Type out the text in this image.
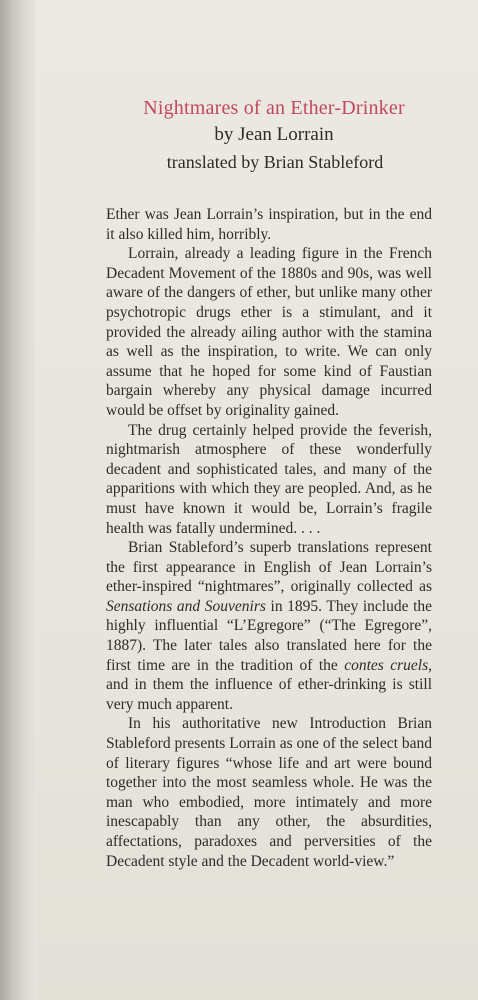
Nightmares of an Ether-Drinker
by Jean Lorrain
translated by Brian Stableford

Ether was Jean Lorrain’s inspiration, but in the end it also killed him, horribly.

Lorrain, already a leading figure in the French Decadent Movement of the 1880s and 90s, was well aware of the dangers of ether, but unlike many other psychotropic drugs ether is a stimulant, and it provided the already ailing author with the stamina as well as the inspiration, to write. We can only assume that he hoped for some kind of Faustian bargain whereby any physical damage incurred would be offset by originality gained.

The drug certainly helped provide the feverish, nightmarish atmosphere of these wonderfully decadent and sophisticated tales, and many of the apparitions with which they are peopled. And, as he must have known it would be, Lorrain’s fragile health was fatally undermined. . . .

Brian Stableford’s superb translations represent the first appearance in English of Jean Lorrain’s ether-inspired “nightmares”, originally collected as Sensations and Souvenirs in 1895. They include the highly influential “L’Egregore” (“The Egregore”, 1887). The later tales also translated here for the first time are in the tradition of the contes cruels, and in them the influence of ether-drinking is still very much apparent.

In his authoritative new Introduction Brian Stableford presents Lorrain as one of the select band of literary figures “whose life and art were bound together into the most seamless whole. He was the man who embodied, more intimately and more inescapably than any other, the absurdities, affectations, paradoxes and perversities of the Decadent style and the Decadent world-view.”
